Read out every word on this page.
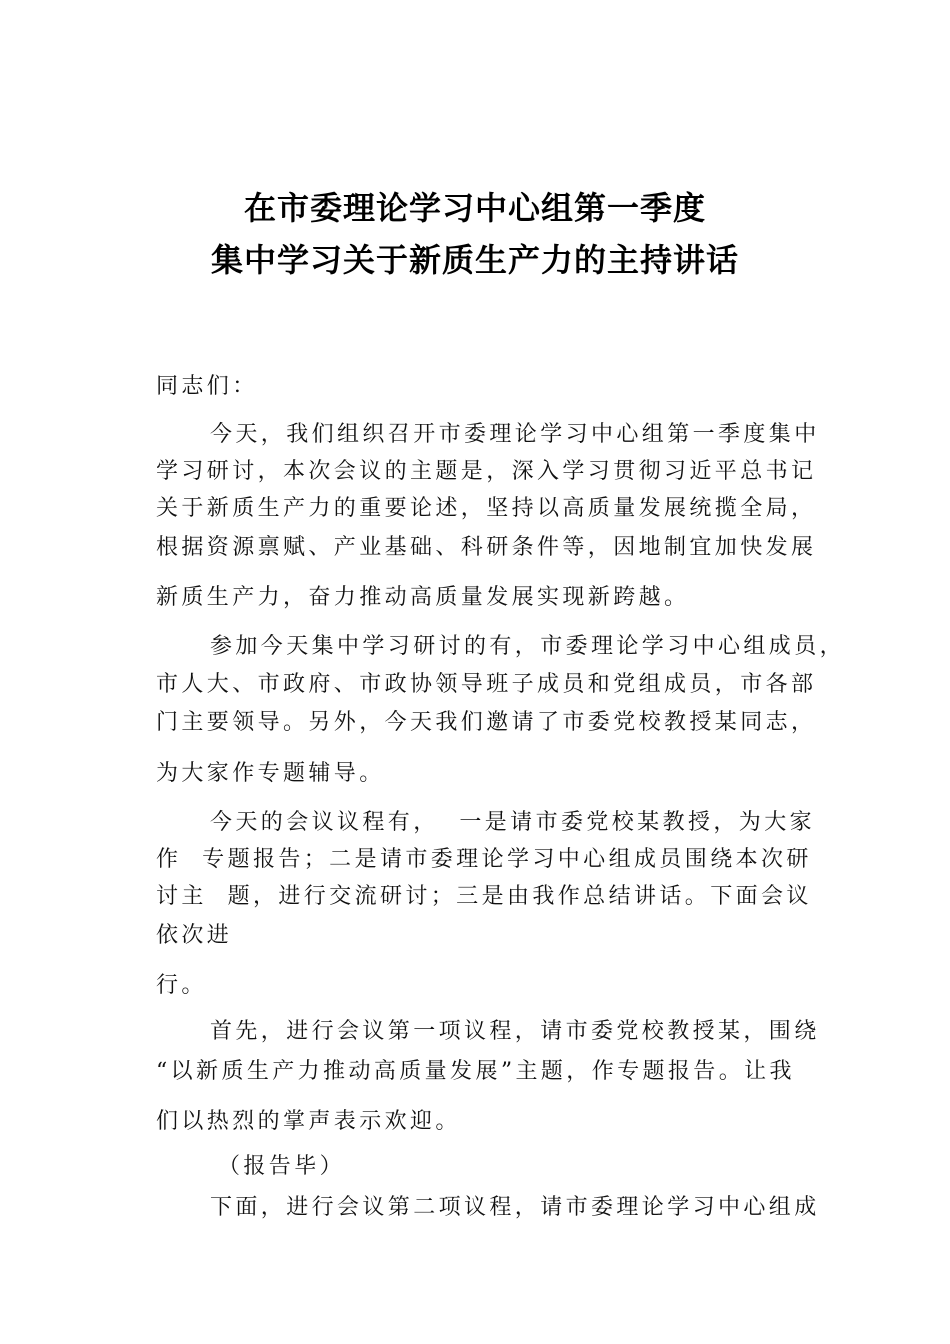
在市委理论学习中心组第一季度
集中学习关于新质生产力的主持讲话
同志们：
今天，我们组织召开市委理论学习中心组第一季度集中
学习研讨，本次会议的主题是，深入学习贯彻习近平总书记
关于新质生产力的重要论述，坚持以高质量发展统揽全局，
根据资源禀赋、产业基础、科研条件等，因地制宜加快发展
新质生产力，奋力推动高质量发展实现新跨越。
参加今天集中学习研讨的有，市委理论学习中心组成员，
市人大、市政府、市政协领导班子成员和党组成员，市各部
门主要领导。另外，今天我们邀请了市委党校教授某同志，
为大家作专题辅导。
今天的会议议程有，  一是请市委党校某教授，为大家
作  专题报告；二是请市委理论学习中心组成员围绕本次研
讨主  题，进行交流研讨；三是由我作总结讲话。下面会议
依次进
行。
首先，进行会议第一项议程，请市委党校教授某，围绕
“以新质生产力推动高质量发展”主题，作专题报告。让我
们以热烈的掌声表示欢迎。
（报告毕）
下面，进行会议第二项议程，请市委理论学习中心组成
